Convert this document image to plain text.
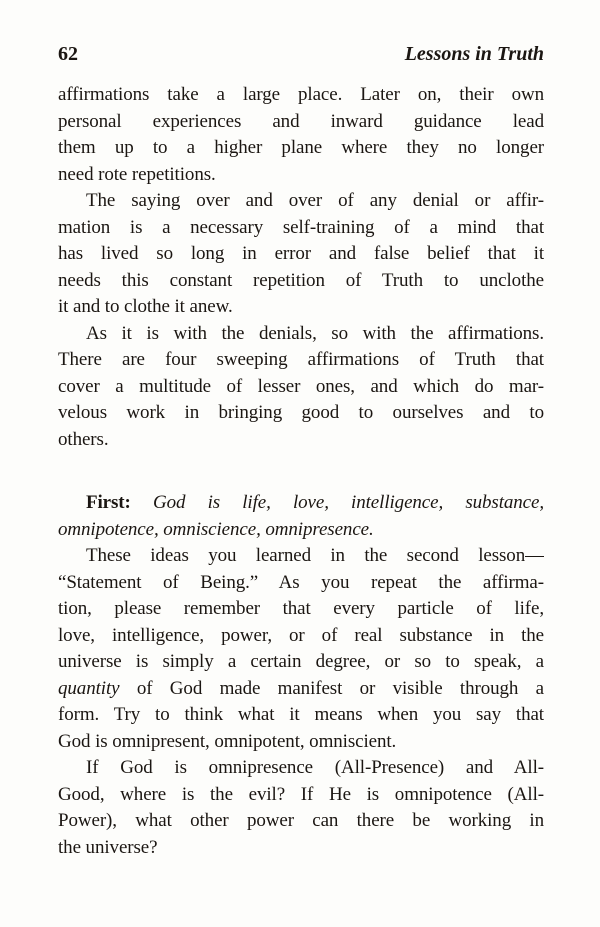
62	Lessons in Truth
affirmations take a large place. Later on, their own
personal experiences and inward guidance lead
them up to a higher plane where they no longer
need rote repetitions.
The saying over and over of any denial or affir-
mation is a necessary self-training of a mind that
has lived so long in error and false belief that it
needs this constant repetition of Truth to unclothe
it and to clothe it anew.
As it is with the denials, so with the affirmations.
There are four sweeping affirmations of Truth that
cover a multitude of lesser ones, and which do mar-
velous work in bringing good to ourselves and to
others.
First: God is life, love, intelligence, substance,
omnipotence, omniscience, omnipresence.
These ideas you learned in the second lesson—
“Statement of Being.” As you repeat the affirma-
tion, please remember that every particle of life,
love, intelligence, power, or of real substance in the
universe is simply a certain degree, or so to speak, a
quantity of God made manifest or visible through a
form. Try to think what it means when you say that
God is omnipresent, omnipotent, omniscient.
If God is omnipresence (All-Presence) and All-
Good, where is the evil? If He is omnipotence (All-
Power), what other power can there be working in
the universe?
